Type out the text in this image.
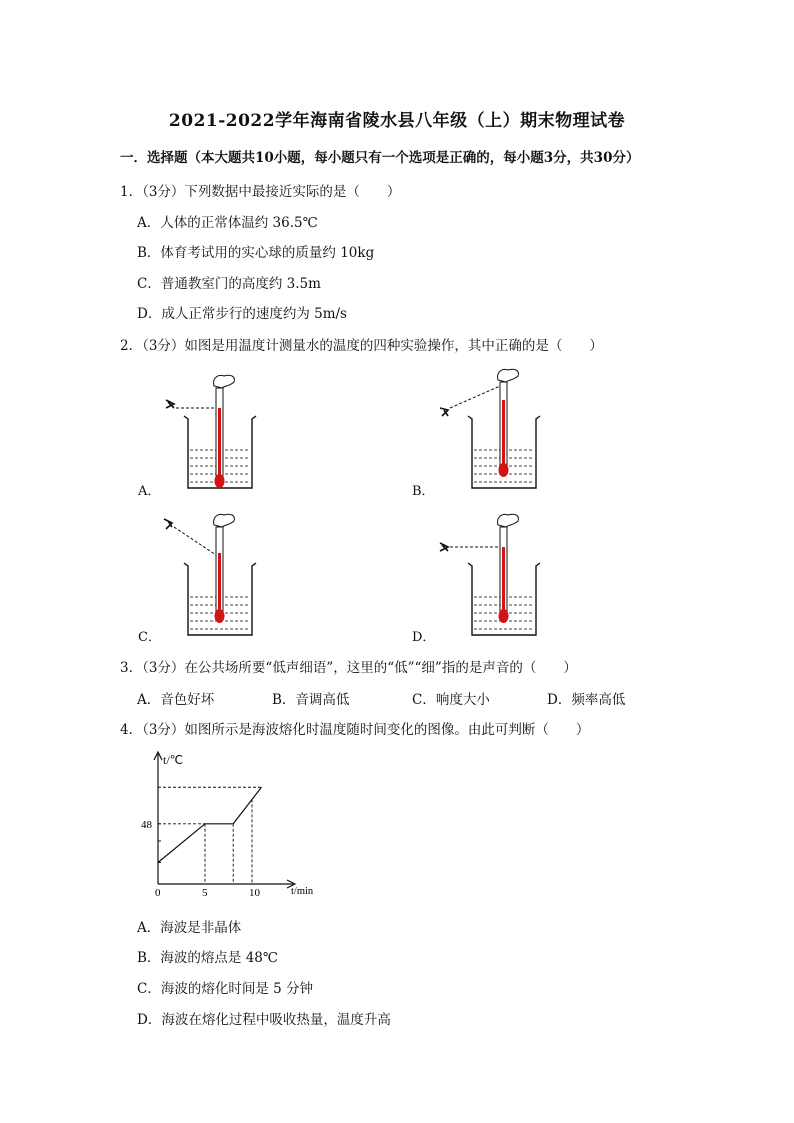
2021-2022学年海南省陵水县八年级（上）期末物理试卷
一．选择题（本大题共10小题，每小题只有一个选项是正确的，每小题3分，共30分）
1．（3分）下列数据中最接近实际的是（　　）
A．人体的正常体温约 36.5℃
B．体育考试用的实心球的质量约 10kg
C．普通教室门的高度约 3.5m
D．成人正常步行的速度约为 5m/s
2．（3分）如图是用温度计测量水的温度的四种实验操作，其中正确的是（　　）
A．	B．
C．	D．
3．（3分）在公共场所要“低声细语”，这里的“低”“细”指的是声音的（　　）
A．音色好坏	B．音调高低	C．响度大小	D．频率高低
4．（3分）如图所示是海波熔化时温度随时间变化的图像。由此可判断（　　）
t/℃
t/min
0	5	10
48
A．海波是非晶体
B．海波的熔点是 48℃
C．海波的熔化时间是 5 分钟
D．海波在熔化过程中吸收热量，温度升高
